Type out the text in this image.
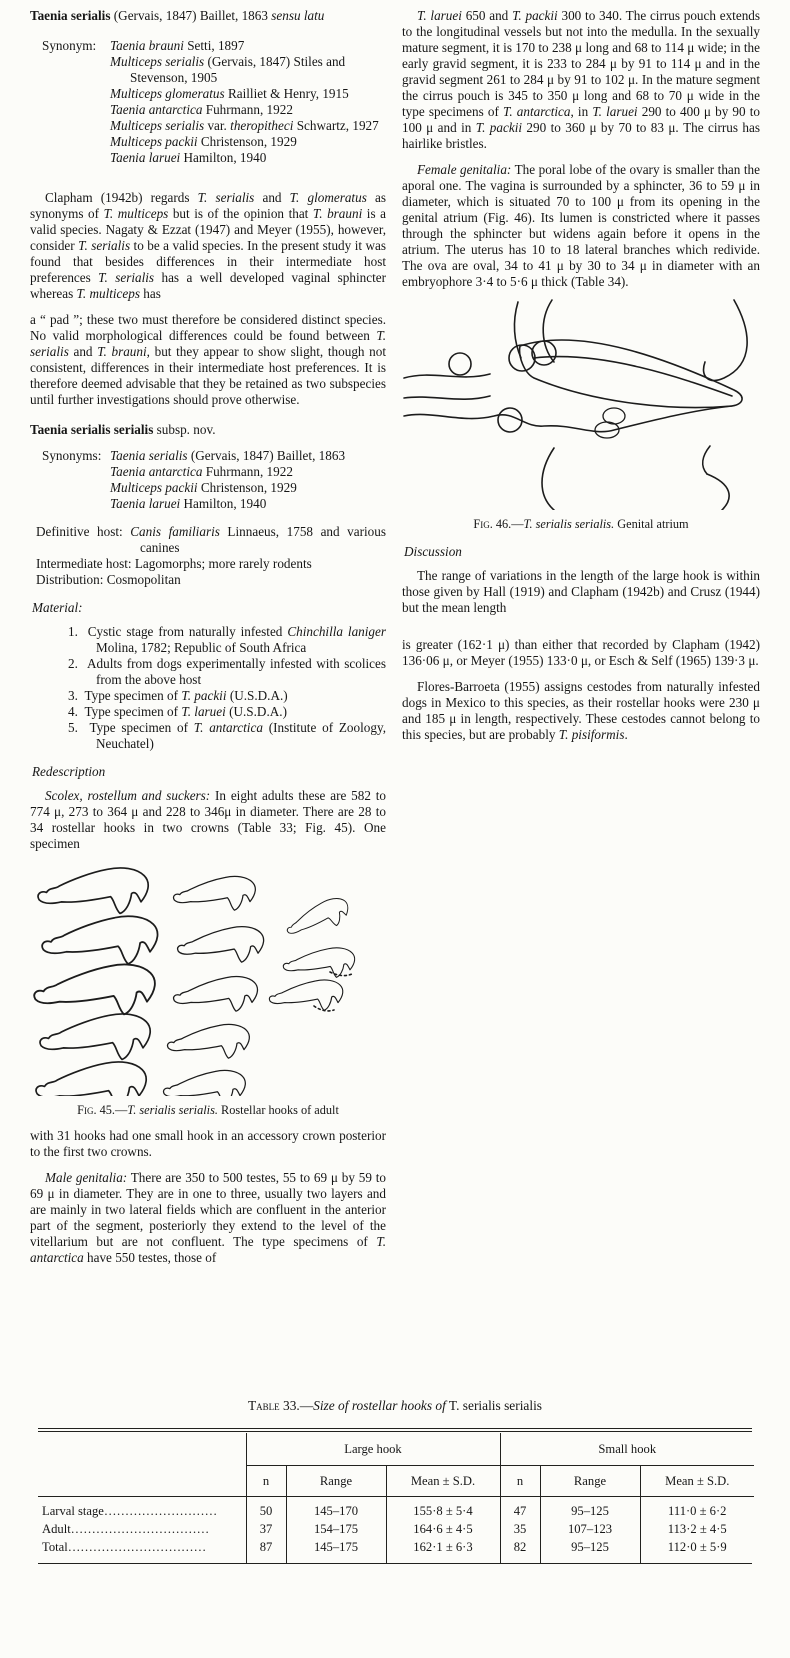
Taenia serialis (Gervais, 1847) Baillet, 1863 sensu latu
Synonym:	Taenia brauni Setti, 1897
Multiceps serialis (Gervais, 1847) Stiles and Stevenson, 1905
Multiceps glomeratus Railliet & Henry, 1915
Taenia antarctica Fuhrmann, 1922
Multiceps serialis var. theropitheci Schwartz, 1927
Multiceps packii Christenson, 1929
Taenia laruei Hamilton, 1940

Clapham (1942b) regards T. serialis and T. glomeratus as synonyms of T. multiceps but is of the opinion that T. brauni is a valid species. Nagaty & Ezzat (1947) and Meyer (1955), however, consider T. serialis to be a valid species. In the present study it was found that besides differences in their intermediate host preferences T. serialis has a well developed vaginal sphincter whereas T. multiceps has

a “ pad ”; these two must therefore be considered distinct species. No valid morphological differences could be found between T. serialis and T. brauni, but they appear to show slight, though not consistent, differences in their intermediate host preferences. It is therefore deemed advisable that they be retained as two subspecies until further investigations should prove otherwise.

Taenia serialis serialis subsp. nov.
Synonyms: Taenia serialis (Gervais, 1847) Baillet, 1863
Taenia antarctica Fuhrmann, 1922
Multiceps packii Christenson, 1929
Taenia laruei Hamilton, 1940
Definitive host: Canis familiaris Linnaeus, 1758 and various canines
Intermediate host: Lagomorphs; more rarely rodents
Distribution: Cosmopolitan
Material:
1.  Cystic stage from naturally infested Chinchilla laniger Molina, 1782; Republic of South Africa
2.  Adults from dogs experimentally infested with scolices from the above host
3.  Type specimen of T. packii (U.S.D.A.)
4.  Type specimen of T. laruei (U.S.D.A.)
5.  Type specimen of T. antarctica (Institute of Zoology, Neuchatel)
Redescription

Scolex, rostellum and suckers: In eight adults these are 582 to 774 μ, 273 to 364 μ and 228 to 346μ in diameter. There are 28 to 34 rostellar hooks in two crowns (Table 33; Fig. 45). One specimen

Fig. 45.—T. serialis serialis. Rostellar hooks of adult

with 31 hooks had one small hook in an accessory crown posterior to the first two crowns.

Male genitalia: There are 350 to 500 testes, 55 to 69 μ by 59 to 69 μ in diameter. They are in one to three, usually two layers and are mainly in two lateral fields which are confluent in the anterior part of the segment, posteriorly they extend to the level of the vitellarium but are not confluent. The type specimens of T. antarctica have 550 testes, those of

T. laruei 650 and T. packii 300 to 340. The cirrus pouch extends to the longitudinal vessels but not into the medulla. In the sexually mature segment, it is 170 to 238 μ long and 68 to 114 μ wide; in the early gravid segment, it is 233 to 284 μ by 91 to 114 μ and in the gravid segment 261 to 284 μ by 91 to 102 μ. In the mature segment the cirrus pouch is 345 to 350 μ long and 68 to 70 μ wide in the type specimens of T. antarctica, in T. laruei 290 to 400 μ by 90 to 100 μ and in T. packii 290 to 360 μ by 70 to 83 μ. The cirrus has hairlike bristles.

Female genitalia: The poral lobe of the ovary is smaller than the aporal one. The vagina is surrounded by a sphincter, 36 to 59 μ in diameter, which is situated 70 to 100 μ from its opening in the genital atrium (Fig. 46). Its lumen is constricted where it passes through the sphincter but widens again before it opens in the atrium. The uterus has 10 to 18 lateral branches which redivide. The ova are oval, 34 to 41 μ by 30 to 34 μ in diameter with an embryophore 3·4 to 5·6 μ thick (Table 34).

Fig. 46.—T. serialis serialis. Genital atrium
Discussion

The range of variations in the length of the large hook is within those given by Hall (1919) and Clapham (1942b) and Crusz (1944) but the mean length

is greater (162·1 μ) than either that recorded by Clapham (1942) 136·06 μ, or Meyer (1955) 133·0 μ, or Esch & Self (1965) 139·3 μ.

Flores-Barroeta (1955) assigns cestodes from naturally infested dogs in Mexico to this species, as their rostellar hooks were 230 μ and 185 μ in length, respectively. These cestodes cannot belong to this species, but are probably T. pisiformis.

Table 33.—Size of rostellar hooks of T. serialis serialis
	Large hook			Small hook		
	n	Range	Mean ± S.D.	n	Range	Mean ± S.D.
Larval stage………………………	50	145–170	155·8 ± 5·4	47	95–125	111·0 ± 6·2
Adult……………………………	37	154–175	164·6 ± 4·5	35	107–123	113·2 ± 4·5
Total……………………………	87	145–175	162·1 ± 6·3	82	95–125	112·0 ± 5·9
